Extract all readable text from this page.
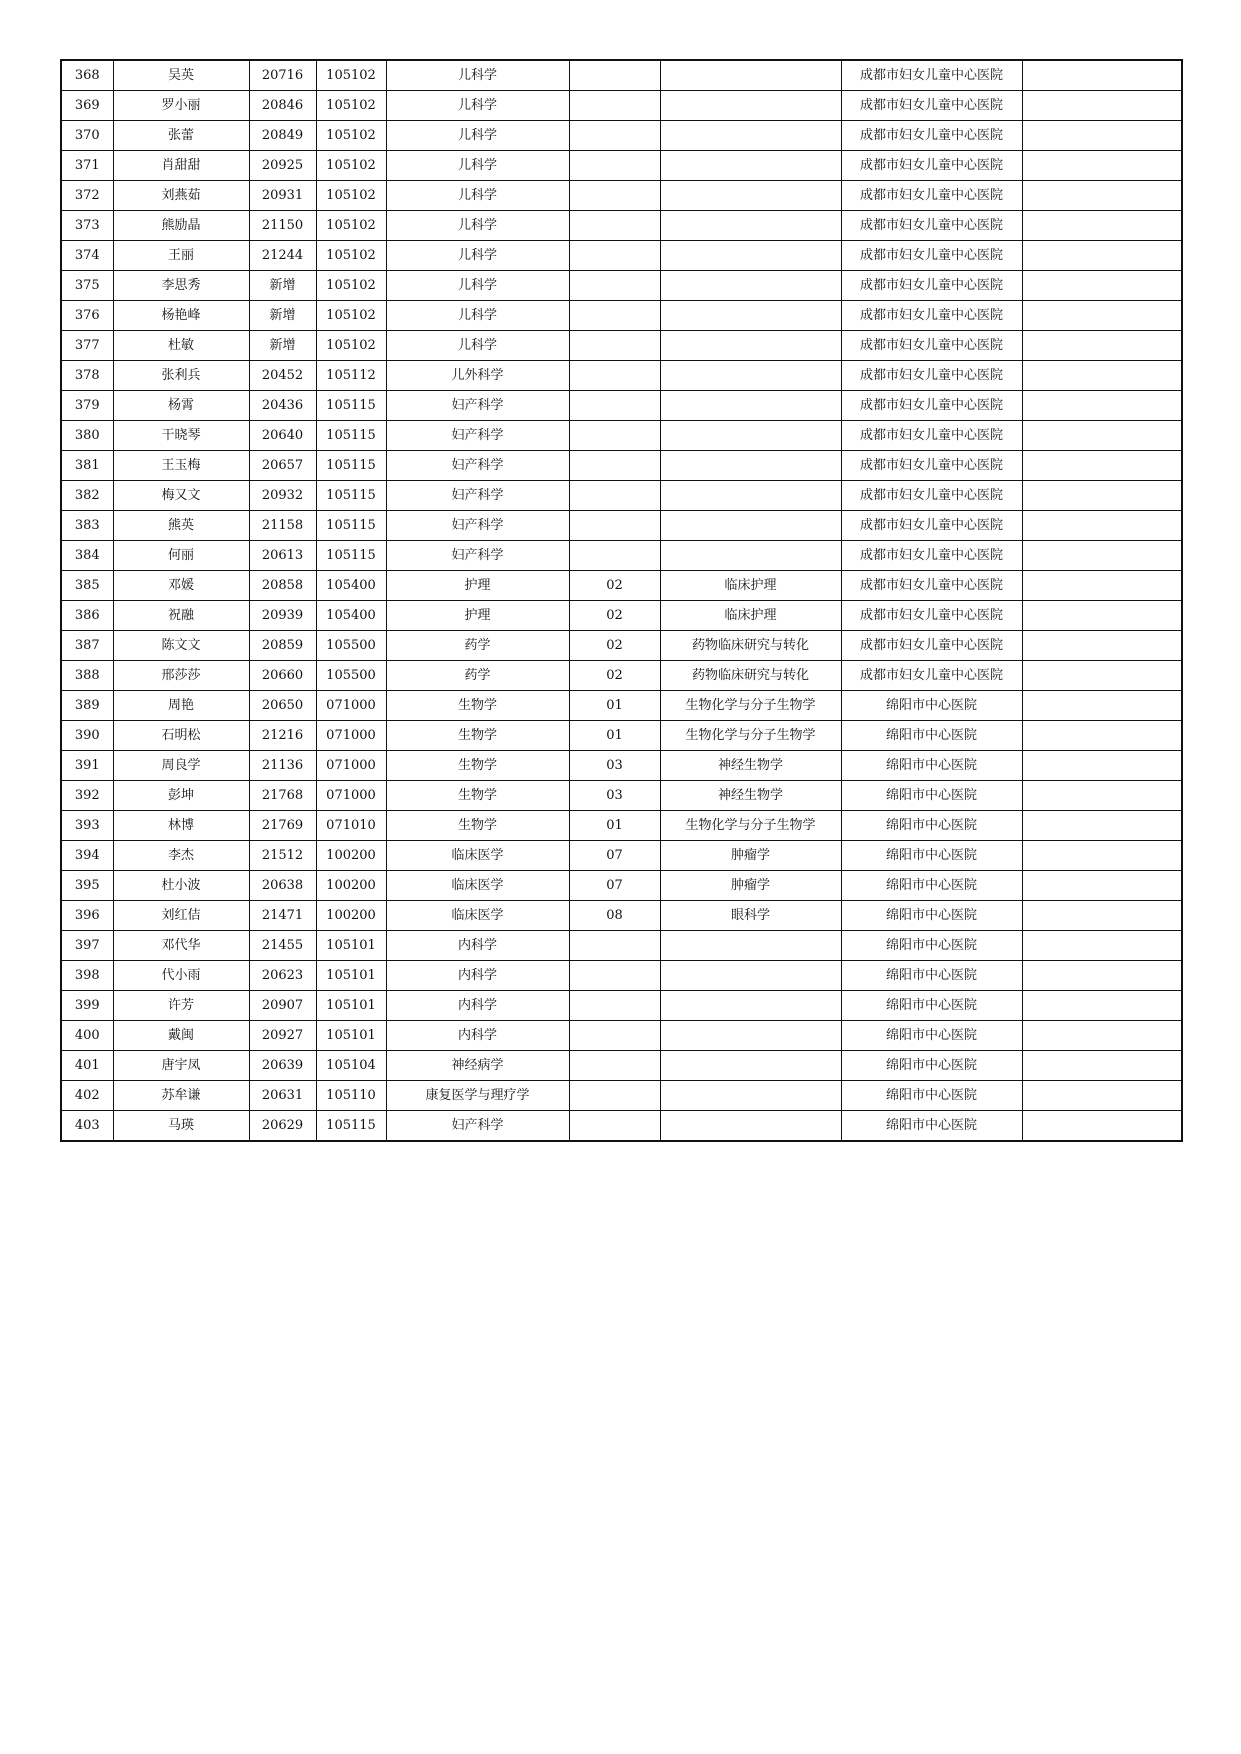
368	吴英	20716	105102	儿科学			成都市妇女儿童中心医院	
369	罗小丽	20846	105102	儿科学			成都市妇女儿童中心医院	
370	张蕾	20849	105102	儿科学			成都市妇女儿童中心医院	
371	肖甜甜	20925	105102	儿科学			成都市妇女儿童中心医院	
372	刘燕茹	20931	105102	儿科学			成都市妇女儿童中心医院	
373	熊励晶	21150	105102	儿科学			成都市妇女儿童中心医院	
374	王丽	21244	105102	儿科学			成都市妇女儿童中心医院	
375	李思秀	新增	105102	儿科学			成都市妇女儿童中心医院	
376	杨艳峰	新增	105102	儿科学			成都市妇女儿童中心医院	
377	杜敏	新增	105102	儿科学			成都市妇女儿童中心医院	
378	张利兵	20452	105112	儿外科学			成都市妇女儿童中心医院	
379	杨霄	20436	105115	妇产科学			成都市妇女儿童中心医院	
380	干晓琴	20640	105115	妇产科学			成都市妇女儿童中心医院	
381	王玉梅	20657	105115	妇产科学			成都市妇女儿童中心医院	
382	梅又文	20932	105115	妇产科学			成都市妇女儿童中心医院	
383	熊英	21158	105115	妇产科学			成都市妇女儿童中心医院	
384	何丽	20613	105115	妇产科学			成都市妇女儿童中心医院	
385	邓媛	20858	105400	护理	02	临床护理	成都市妇女儿童中心医院	
386	祝融	20939	105400	护理	02	临床护理	成都市妇女儿童中心医院	
387	陈文文	20859	105500	药学	02	药物临床研究与转化	成都市妇女儿童中心医院	
388	邢莎莎	20660	105500	药学	02	药物临床研究与转化	成都市妇女儿童中心医院	
389	周艳	20650	071000	生物学	01	生物化学与分子生物学	绵阳市中心医院	
390	石明松	21216	071000	生物学	01	生物化学与分子生物学	绵阳市中心医院	
391	周良学	21136	071000	生物学	03	神经生物学	绵阳市中心医院	
392	彭坤	21768	071000	生物学	03	神经生物学	绵阳市中心医院	
393	林博	21769	071010	生物学	01	生物化学与分子生物学	绵阳市中心医院	
394	李杰	21512	100200	临床医学	07	肿瘤学	绵阳市中心医院	
395	杜小波	20638	100200	临床医学	07	肿瘤学	绵阳市中心医院	
396	刘红佶	21471	100200	临床医学	08	眼科学	绵阳市中心医院	
397	邓代华	21455	105101	内科学			绵阳市中心医院	
398	代小雨	20623	105101	内科学			绵阳市中心医院	
399	许芳	20907	105101	内科学			绵阳市中心医院	
400	戴闽	20927	105101	内科学			绵阳市中心医院	
401	唐宇凤	20639	105104	神经病学			绵阳市中心医院	
402	苏牟谦	20631	105110	康复医学与理疗学			绵阳市中心医院	
403	马瑛	20629	105115	妇产科学			绵阳市中心医院	
